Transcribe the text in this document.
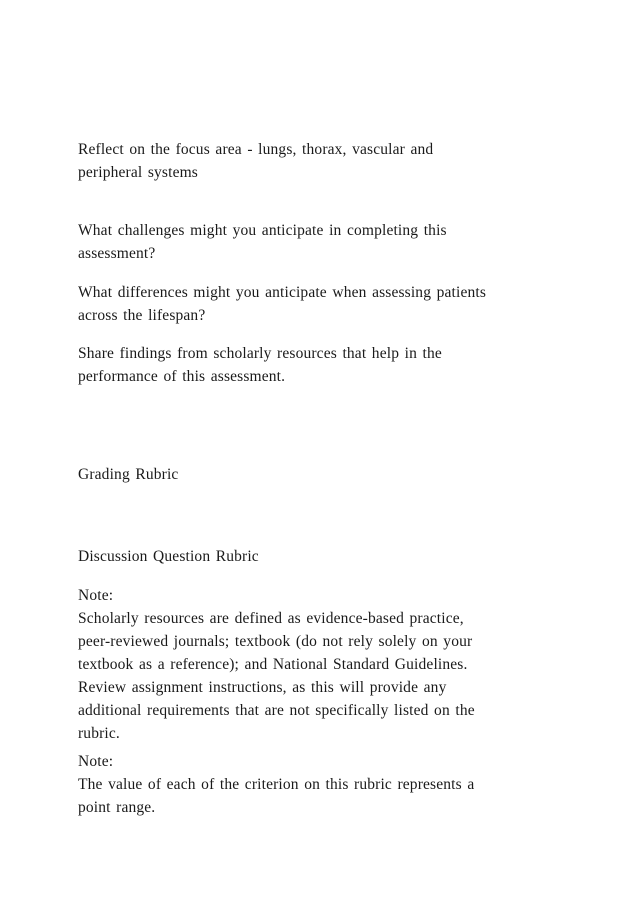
Reflect on the focus area - lungs, thorax, vascular and
peripheral systems

What challenges might you anticipate in completing this
assessment?

What differences might you anticipate when assessing patients
across the lifespan?

Share findings from scholarly resources that help in the
performance of this assessment.

Grading Rubric

Discussion Question Rubric

Note:
Scholarly resources are defined as evidence-based practice,
peer-reviewed journals; textbook (do not rely solely on your
textbook as a reference); and National Standard Guidelines.
Review assignment instructions, as this will provide any
additional requirements that are not specifically listed on the
rubric.

Note:
The value of each of the criterion on this rubric represents a
point range.
